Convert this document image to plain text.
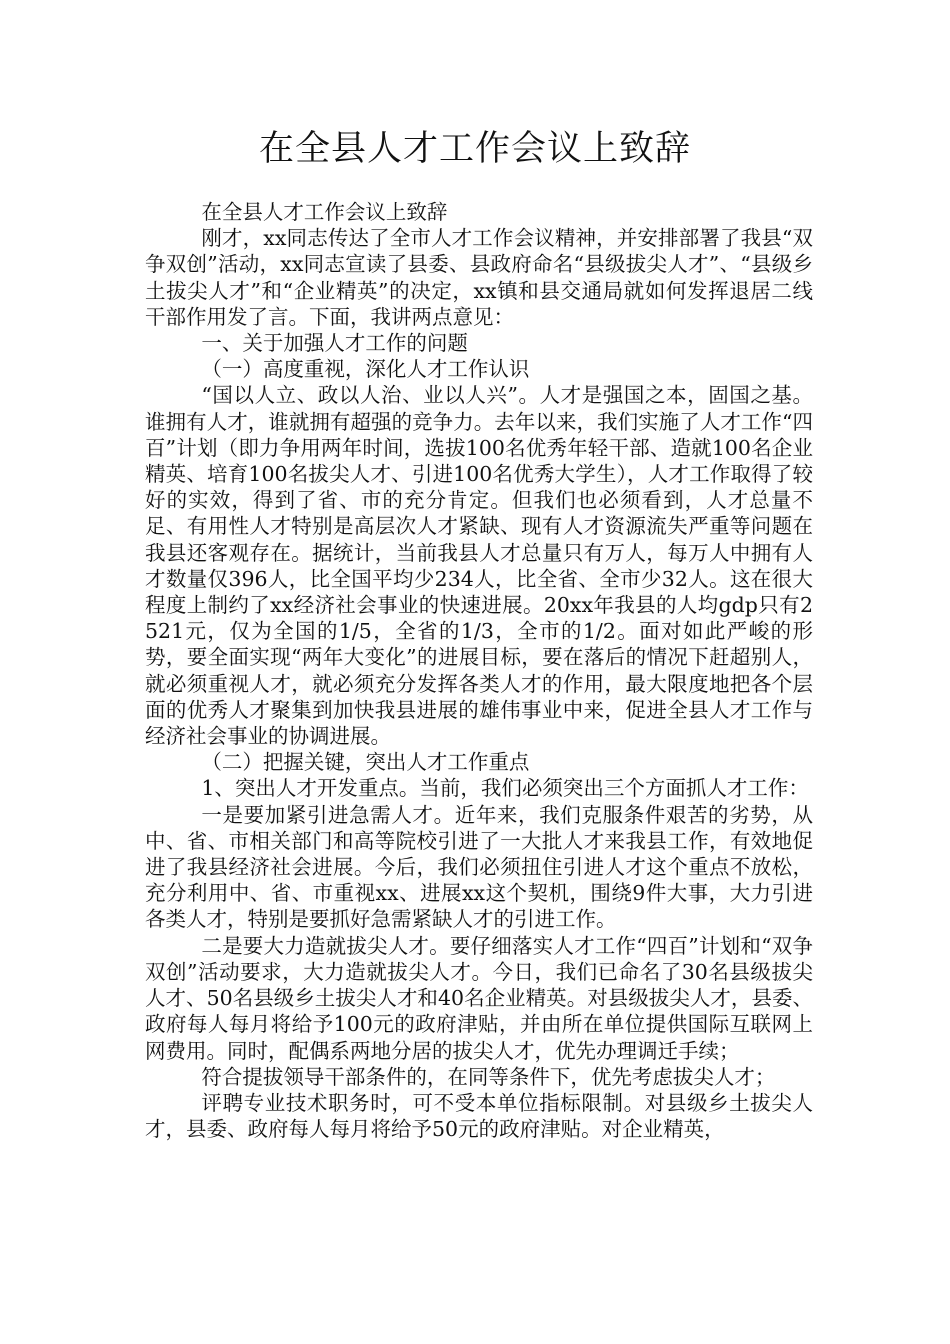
在全县人才工作会议上致辞

在全县人才工作会议上致辞

刚才，xx同志传达了全市人才工作会议精神，并安排部署了我县“双争双创”活动，xx同志宣读了县委、县政府命名“县级拔尖人才”、“县级乡土拔尖人才”和“企业精英”的决定，xx镇和县交通局就如何发挥退居二线干部作用发了言。下面，我讲两点意见：

一、关于加强人才工作的问题

（一）高度重视，深化人才工作认识

“国以人立、政以人治、业以人兴”。人才是强国之本，固国之基。谁拥有人才，谁就拥有超强的竞争力。去年以来，我们实施了人才工作“四百”计划（即力争用两年时间，选拔100名优秀年轻干部、造就100名企业精英、培育100名拔尖人才、引进100名优秀大学生），人才工作取得了较好的实效，得到了省、市的充分肯定。但我们也必须看到，人才总量不足、有用性人才特别是高层次人才紧缺、现有人才资源流失严重等问题在我县还客观存在。据统计，当前我县人才总量只有万人，每万人中拥有人才数量仅396人，比全国平均少234人，比全省、全市少32人。这在很大程度上制约了xx经济社会事业的快速进展。20xx年我县的人均gdp只有2521元，仅为全国的1/5，全省的1/3，全市的1/2。面对如此严峻的形势，要全面实现“两年大变化”的进展目标，要在落后的情况下赶超别人，就必须重视人才，就必须充分发挥各类人才的作用，最大限度地把各个层面的优秀人才聚集到加快我县进展的雄伟事业中来，促进全县人才工作与经济社会事业的协调进展。

（二）把握关键，突出人才工作重点

1、突出人才开发重点。当前，我们必须突出三个方面抓人才工作：

一是要加紧引进急需人才。近年来，我们克服条件艰苦的劣势，从中、省、市相关部门和高等院校引进了一大批人才来我县工作，有效地促进了我县经济社会进展。今后，我们必须扭住引进人才这个重点不放松，充分利用中、省、市重视xx、进展xx这个契机，围绕9件大事，大力引进各类人才，特别是要抓好急需紧缺人才的引进工作。

二是要大力造就拔尖人才。要仔细落实人才工作“四百”计划和“双争双创”活动要求，大力造就拔尖人才。今日，我们已命名了30名县级拔尖人才、50名县级乡土拔尖人才和40名企业精英。对县级拔尖人才，县委、政府每人每月将给予100元的政府津贴，并由所在单位提供国际互联网上网费用。同时，配偶系两地分居的拔尖人才，优先办理调迁手续；

符合提拔领导干部条件的，在同等条件下，优先考虑拔尖人才；

评聘专业技术职务时，可不受本单位指标限制。对县级乡土拔尖人才，县委、政府每人每月将给予50元的政府津贴。对企业精英，
